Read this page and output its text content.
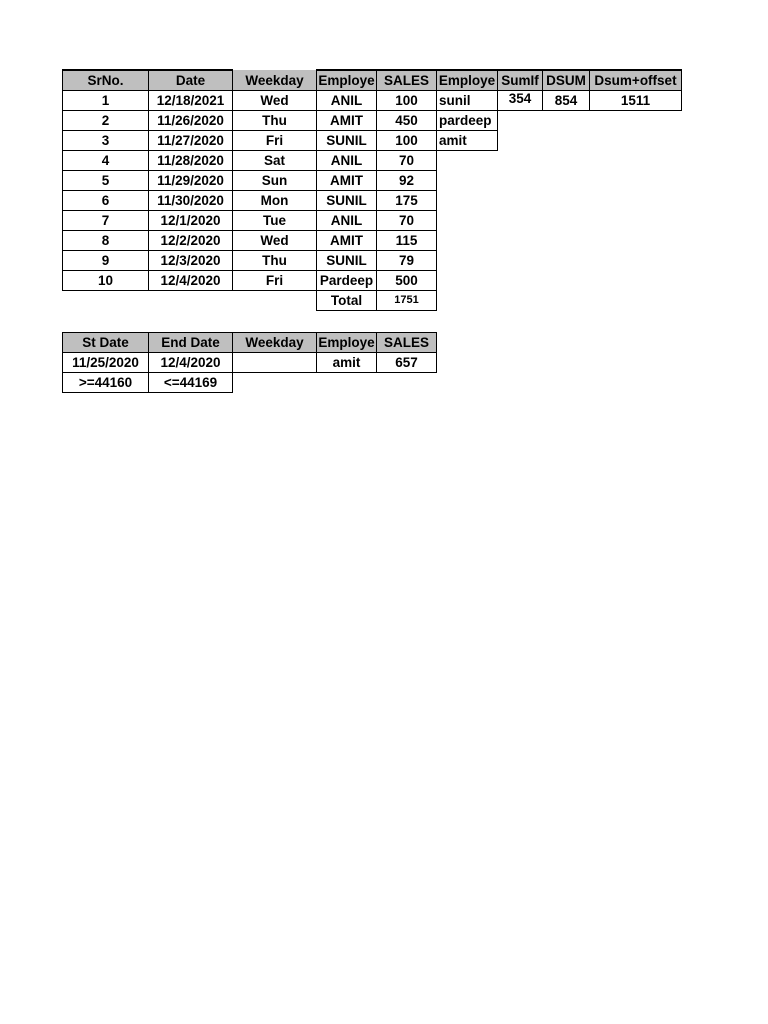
SrNo.	Date	Weekday	Employe	SALES
1	12/18/2021	Wed	ANIL	100
2	11/26/2020	Thu	AMIT	450
3	11/27/2020	Fri	SUNIL	100
4	11/28/2020	Sat	ANIL	70
5	11/29/2020	Sun	AMIT	92
6	11/30/2020	Mon	SUNIL	175
7	12/1/2020	Tue	ANIL	70
8	12/2/2020	Wed	AMIT	115
9	12/3/2020	Thu	SUNIL	79
10	12/4/2020	Fri	Pardeep	500
			Total	1751
Employe	SumIf	DSUM	Dsum+offset
sunil	354	854	1511
pardeep			
amit			
St Date	End Date	Weekday	Employe	SALES
11/25/2020	12/4/2020		amit	657
>=44160	<=44169			
